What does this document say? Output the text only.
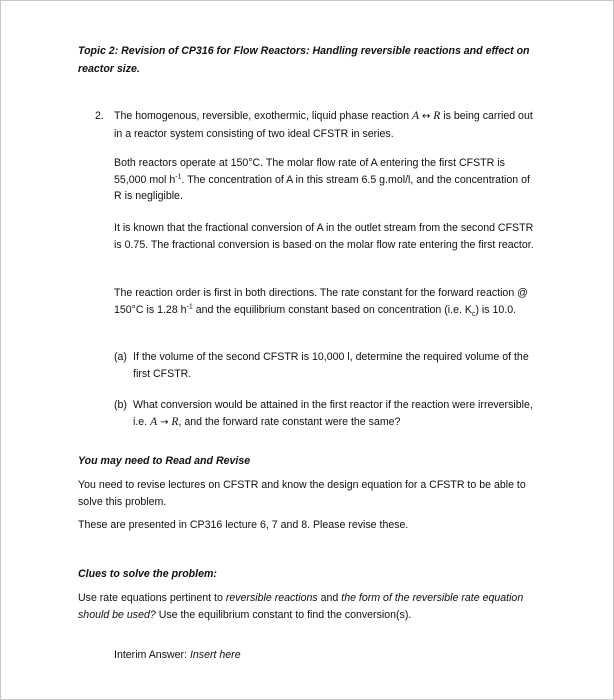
Topic 2: Revision of CP316 for Flow Reactors: Handling reversible reactions and effect on reactor size.
2. The homogenous, reversible, exothermic, liquid phase reaction A ↔ R is being carried out in a reactor system consisting of two ideal CFSTR in series.
Both reactors operate at 150°C. The molar flow rate of A entering the first CFSTR is 55,000 mol $h^{-1}$. The concentration of A in this stream 6.5 g.mol/l, and the concentration of R is negligible.
It is known that the fractional conversion of A in the outlet stream from the second CFSTR is 0.75. The fractional conversion is based on the molar flow rate entering the first reactor.
The reaction order is first in both directions. The rate constant for the forward reaction @ 150°C is 1.28 $h^{-1}$ and the equilibrium constant based on concentration (i.e. $K_c$) is 10.0.
(a) If the volume of the second CFSTR is 10,000 l, determine the required volume of the first CFSTR.
(b) What conversion would be attained in the first reactor if the reaction were irreversible, i.e. A → R, and the forward rate constant were the same?
You may need to Read and Revise
You need to revise lectures on CFSTR and know the design equation for a CFSTR to be able to solve this problem.
These are presented in CP316 lecture 6, 7 and 8. Please revise these.
Clues to solve the problem:
Use rate equations pertinent to reversible reactions and the form of the reversible rate equation should be used? Use the equilibrium constant to find the conversion(s).
Interim Answer: Insert here
